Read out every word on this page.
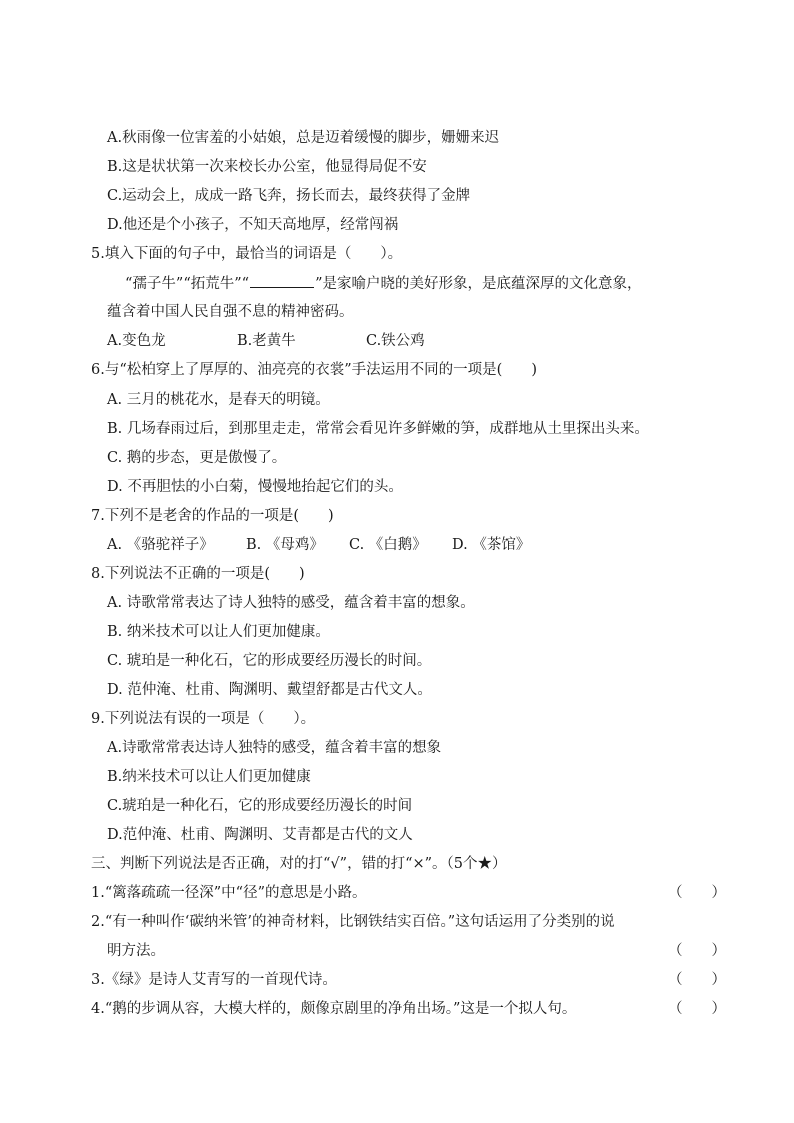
A.秋雨像一位害羞的小姑娘，总是迈着缓慢的脚步，姗姗来迟
B.这是状状第一次来校长办公室，他显得局促不安
C.运动会上，成成一路飞奔，扬长而去，最终获得了金牌
D.他还是个小孩子，不知天高地厚，经常闯祸
5.填入下面的句子中，最恰当的词语是（　　）。
“孺子牛”“拓荒牛”“	”是家喻户晓的美好形象，是底蕴深厚的文化意象，
蕴含着中国人民自强不息的精神密码。
A.变色龙	B.老黄牛	C.铁公鸡
6.与“松柏穿上了厚厚的、油亮亮的衣裳”手法运用不同的一项是(　　)
A. 三月的桃花水，是春天的明镜。
B. 几场春雨过后，到那里走走，常常会看见许多鲜嫩的笋，成群地从土里探出头来。
C. 鹅的步态，更是傲慢了。
D. 不再胆怯的小白菊，慢慢地抬起它们的头。
7.下列不是老舍的作品的一项是(　　)
A. 《骆驼祥子》 B. 《母鸡》 C. 《白鹅》 D. 《茶馆》
8.下列说法不正确的一项是(　　)
A. 诗歌常常表达了诗人独特的感受，蕴含着丰富的想象。
B. 纳米技术可以让人们更加健康。
C. 琥珀是一种化石，它的形成要经历漫长的时间。
D. 范仲淹、杜甫、陶渊明、戴望舒都是古代文人。
9.下列说法有误的一项是（　　）。
A.诗歌常常表达诗人独特的感受，蕴含着丰富的想象
B.纳米技术可以让人们更加健康
C.琥珀是一种化石，它的形成要经历漫长的时间
D.范仲淹、杜甫、陶渊明、艾青都是古代的文人
三、判断下列说法是否正确，对的打“√”，错的打“×”。（5个★）
1.“篱落疏疏一径深”中“径”的意思是小路。	（　　）
2.“有一种叫作‘碳纳米管’的神奇材料，比钢铁结实百倍。”这句话运用了分类别的说
明方法。	（　　）
3.《绿》是诗人艾青写的一首现代诗。	（　　）
4.“鹅的步调从容，大模大样的，颇像京剧里的净角出场。”这是一个拟人句。	（　　）
